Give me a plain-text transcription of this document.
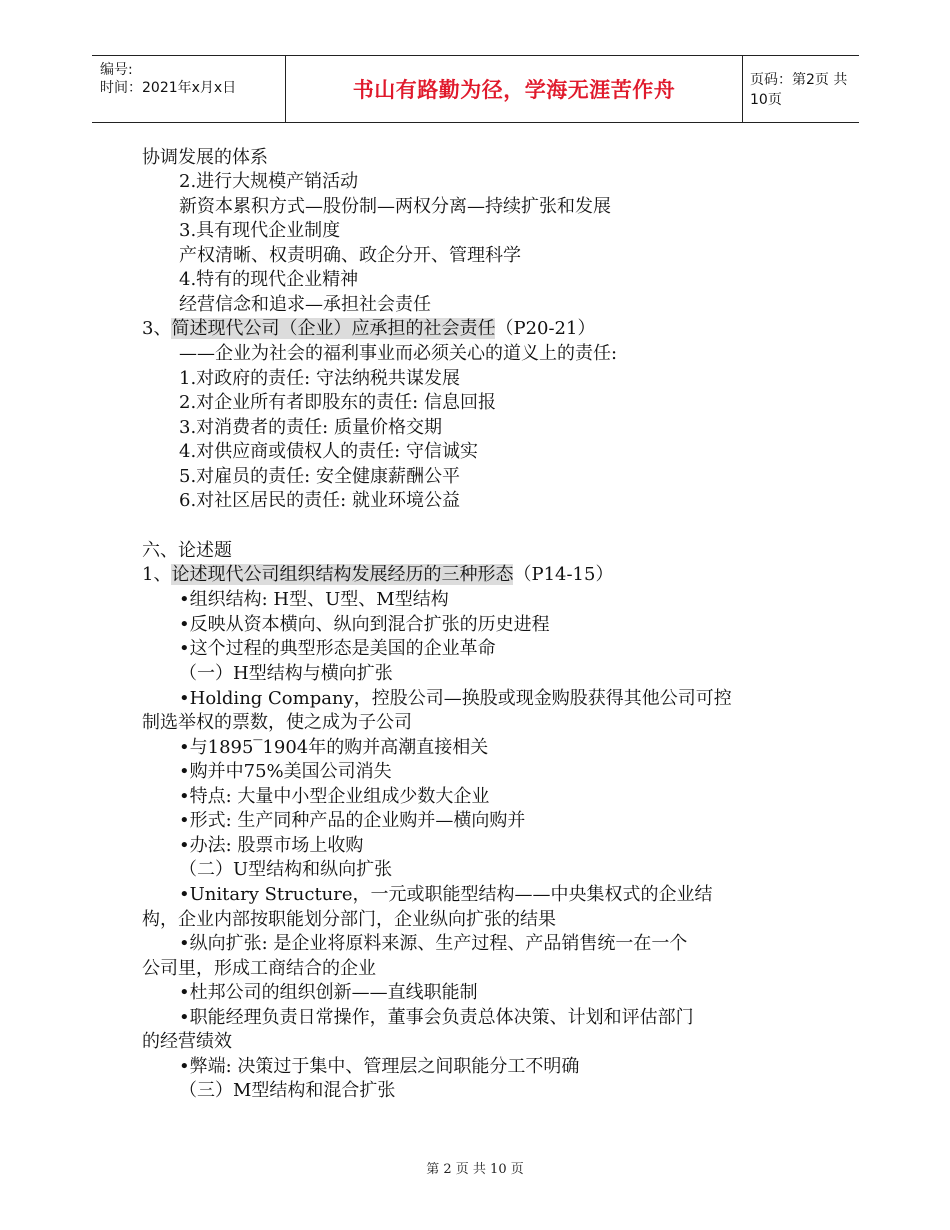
编号:
时间：2021年x月x日	书山有路勤为径，学海无涯苦作舟	页码：第2页 共10页
协调发展的体系
2.进行大规模产销活动
新资本累积方式—股份制—两权分离—持续扩张和发展
3.具有现代企业制度
产权清晰、权责明确、政企分开、管理科学
4.特有的现代企业精神
经营信念和追求—承担社会责任
3、简述现代公司（企业）应承担的社会责任（P20-21）
——企业为社会的福利事业而必须关心的道义上的责任:
1.对政府的责任: 守法纳税共谋发展
2.对企业所有者即股东的责任: 信息回报
3.对消费者的责任: 质量价格交期
4.对供应商或债权人的责任: 守信诚实
5.对雇员的责任: 安全健康薪酬公平
6.对社区居民的责任: 就业环境公益
六、论述题
1、论述现代公司组织结构发展经历的三种形态（P14-15）
•组织结构: H型、U型、M型结构
•反映从资本横向、纵向到混合扩张的历史进程
•这个过程的典型形态是美国的企业革命
（一）H型结构与横向扩张
•Holding Company，控股公司—换股或现金购股获得其他公司可控
制选举权的票数，使之成为子公司
•与1895‾1904年的购并高潮直接相关
•购并中75%美国公司消失
•特点: 大量中小型企业组成少数大企业
•形式: 生产同种产品的企业购并—横向购并
•办法: 股票市场上收购
（二）U型结构和纵向扩张
•Unitary Structure，一元或职能型结构——中央集权式的企业结
构，企业内部按职能划分部门，企业纵向扩张的结果
•纵向扩张: 是企业将原料来源、生产过程、产品销售统一在一个
公司里，形成工商结合的企业
•杜邦公司的组织创新——直线职能制
•职能经理负责日常操作，董事会负责总体决策、计划和评估部门
的经营绩效
•弊端: 决策过于集中、管理层之间职能分工不明确
（三）M型结构和混合扩张
第 2 页 共 10 页
